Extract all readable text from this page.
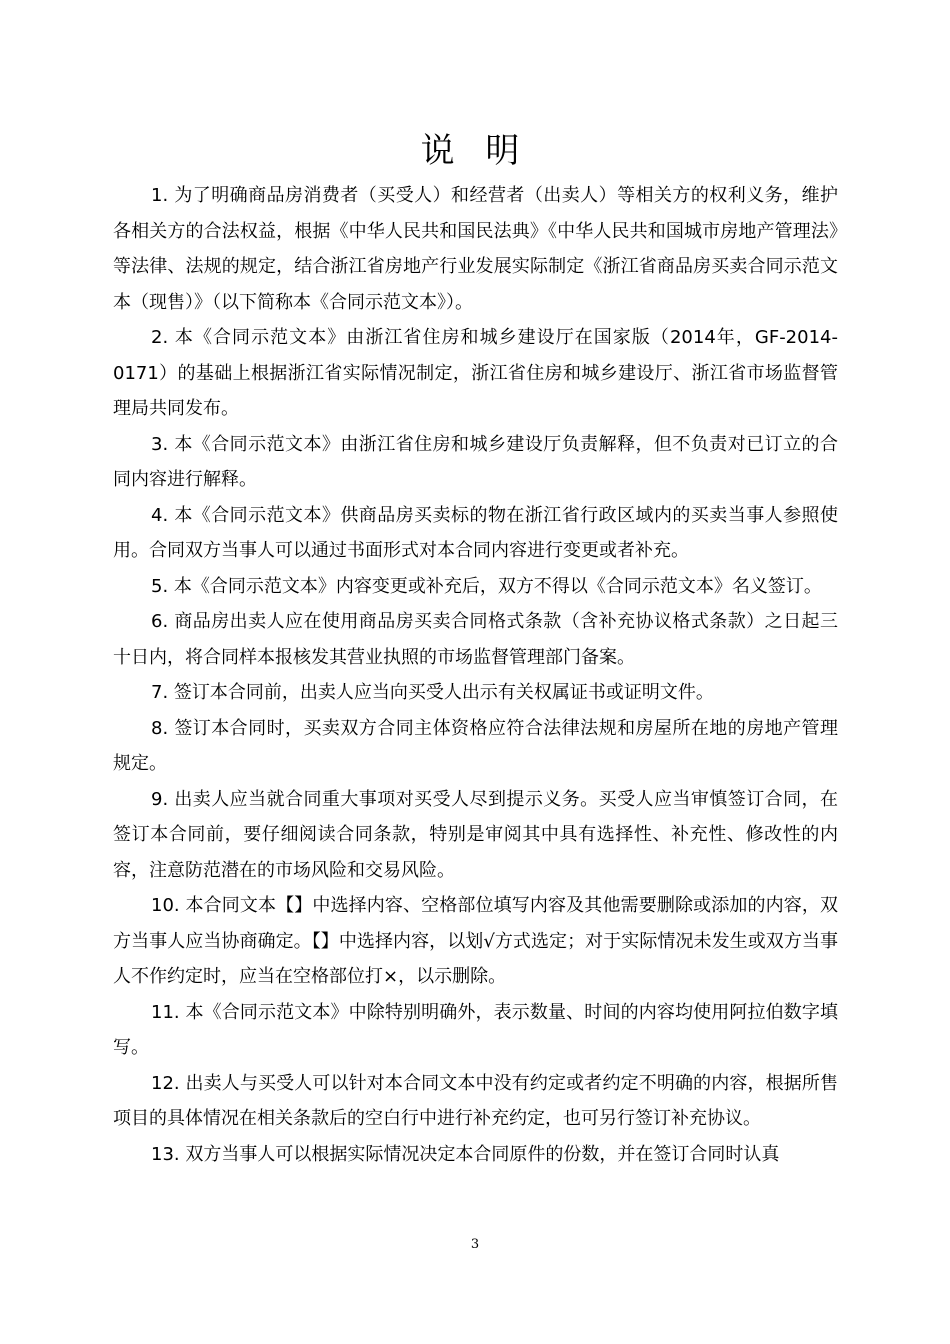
说 明

1. 为了明确商品房消费者（买受人）和经营者（出卖人）等相关方的权利义务，维护各相关方的合法权益，根据《中华人民共和国民法典》《中华人民共和国城市房地产管理法》等法律、法规的规定，结合浙江省房地产行业发展实际制定《浙江省商品房买卖合同示范文本（现售）》（以下简称本《合同示范文本》）。

2. 本《合同示范文本》由浙江省住房和城乡建设厅在国家版（2014年，GF-2014-0171）的基础上根据浙江省实际情况制定，浙江省住房和城乡建设厅、浙江省市场监督管理局共同发布。

3. 本《合同示范文本》由浙江省住房和城乡建设厅负责解释，但不负责对已订立的合同内容进行解释。

4. 本《合同示范文本》供商品房买卖标的物在浙江省行政区域内的买卖当事人参照使用。合同双方当事人可以通过书面形式对本合同内容进行变更或者补充。

5. 本《合同示范文本》内容变更或补充后，双方不得以《合同示范文本》名义签订。

6. 商品房出卖人应在使用商品房买卖合同格式条款（含补充协议格式条款）之日起三十日内，将合同样本报核发其营业执照的市场监督管理部门备案。

7. 签订本合同前，出卖人应当向买受人出示有关权属证书或证明文件。

8. 签订本合同时，买卖双方合同主体资格应符合法律法规和房屋所在地的房地产管理规定。

9. 出卖人应当就合同重大事项对买受人尽到提示义务。买受人应当审慎签订合同，在签订本合同前，要仔细阅读合同条款，特别是审阅其中具有选择性、补充性、修改性的内容，注意防范潜在的市场风险和交易风险。

10. 本合同文本【】中选择内容、空格部位填写内容及其他需要删除或添加的内容，双方当事人应当协商确定。【】中选择内容，以划√方式选定；对于实际情况未发生或双方当事人不作约定时，应当在空格部位打×，以示删除。

11. 本《合同示范文本》中除特别明确外，表示数量、时间的内容均使用阿拉伯数字填写。

12. 出卖人与买受人可以针对本合同文本中没有约定或者约定不明确的内容，根据所售项目的具体情况在相关条款后的空白行中进行补充约定，也可另行签订补充协议。

13. 双方当事人可以根据实际情况决定本合同原件的份数，并在签订合同时认真

3
